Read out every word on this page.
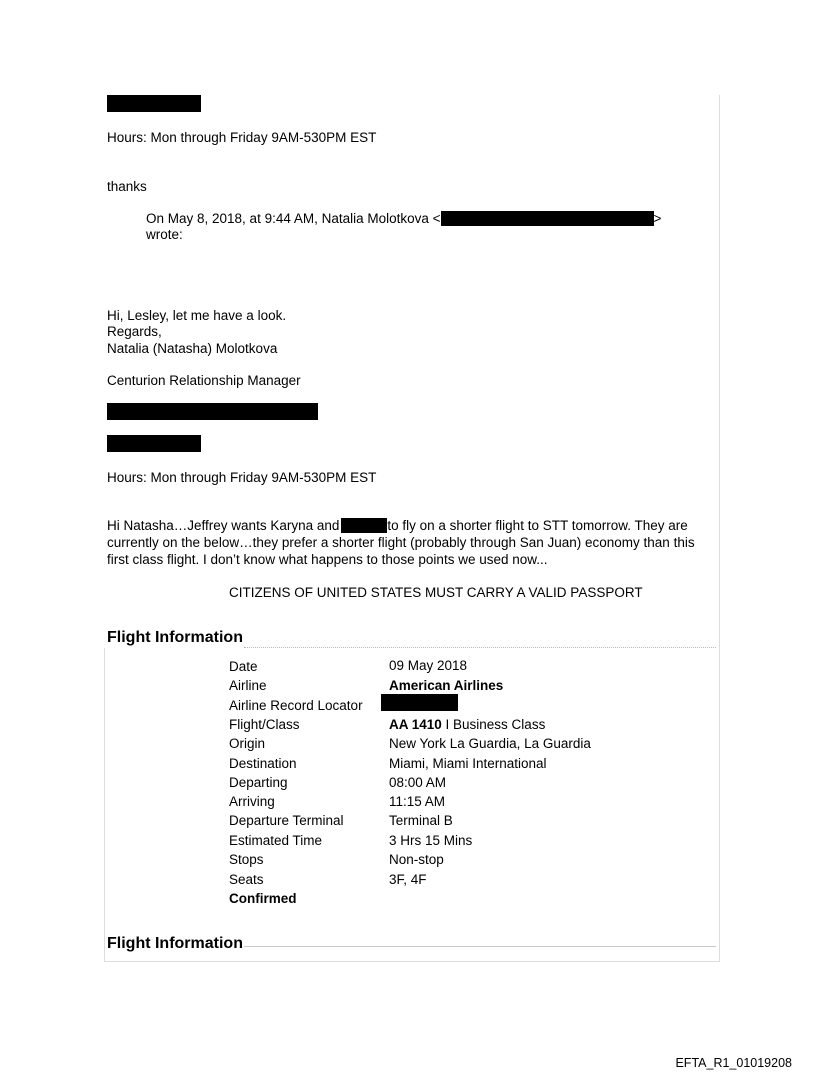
Hours: Mon through Friday 9AM-530PM EST
thanks
On May 8, 2018, at 9:44 AM, Natalia Molotkova <	>
wrote:
Hi, Lesley, let me have a look.
Regards,
Natalia (Natasha) Molotkova
Centurion Relationship Manager
Hours: Mon through Friday 9AM-530PM EST
Hi Natasha…Jeffrey wants Karyna and	to fly on a shorter flight to STT tomorrow. They are currently on the below…they prefer a shorter flight (probably through San Juan) economy than this first class flight. I don’t know what happens to those points we used now...
CITIZENS OF UNITED STATES MUST CARRY A VALID PASSPORT
Flight Information
Date	09 May 2018
Airline	American Airlines
Airline Record Locator
Flight/Class	AA 1410 I Business Class
Origin	New York La Guardia, La Guardia
Destination	Miami, Miami International
Departing	08:00 AM
Arriving	11:15 AM
Departure Terminal	Terminal B
Estimated Time	3 Hrs 15 Mins
Stops	Non-stop
Seats	3F, 4F
Confirmed
Flight Information
EFTA_R1_01019208
